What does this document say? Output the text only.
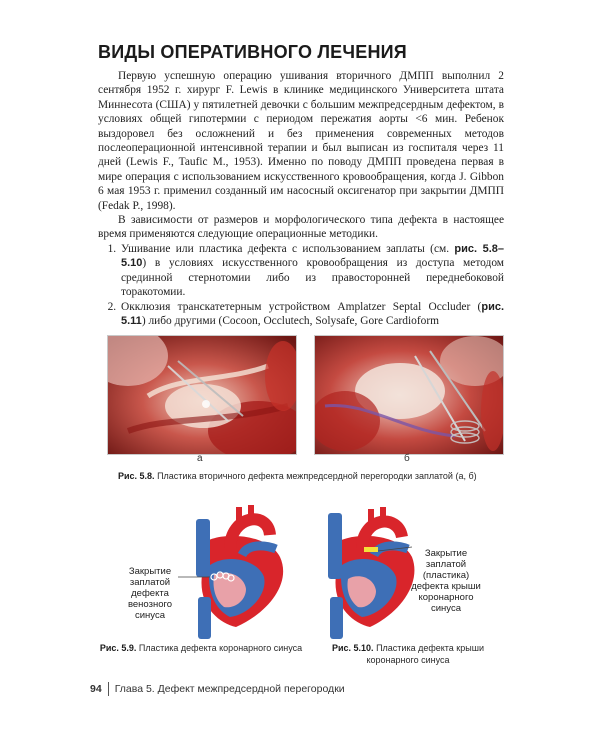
ВИДЫ ОПЕРАТИВНОГО ЛЕЧЕНИЯ

Первую успешную операцию ушивания вторичного ДМПП выполнил 2 сентября 1952 г. хирург F. Lewis в клинике медицинского Университета штата Миннесота (США) у пятилетней девочки с большим межпредсердным дефектом, в условиях общей гипотермии с периодом пережатия аорты <6 мин. Ребенок выздоровел без осложнений и без применения современных методов послеоперационной интенсивной терапии и был выписан из госпиталя через 11 дней (Lewis F., Taufic M., 1953). Именно по поводу ДМПП проведена первая в мире операция с использованием искусственного кровообращения, когда J. Gibbon 6 мая 1953 г. применил созданный им насосный оксигенатор при закрытии ДМПП (Fedak P., 1998).

В зависимости от размеров и морфологического типа дефекта в настоящее время применяются следующие операционные методики.

1. Ушивание или пластика дефекта с использованием заплаты (см. рис. 5.8–5.10) в условиях искусственного кровообращения из доступа методом срединной стернотомии либо из правосторонней переднебоковой торакотомии.
2. Окклюзия транскатетерным устройством Amplatzer Septal Occluder (рис. 5.11) либо другими (Cocoon, Occlutech, Solysafe, Gore Cardioform
а	б
Рис. 5.8. Пластика вторичного дефекта межпредсердной перегородки заплатой (а, б)
Закрытие
заплатой
дефекта
венозного
синуса
Закрытие
заплатой
(пластика)
дефекта крыши
коронарного
синуса
Рис. 5.9. Пластика дефекта коронарного синуса	Рис. 5.10. Пластика дефекта крыши коронарного синуса
94 Глава 5. Дефект межпредсердной перегородки
